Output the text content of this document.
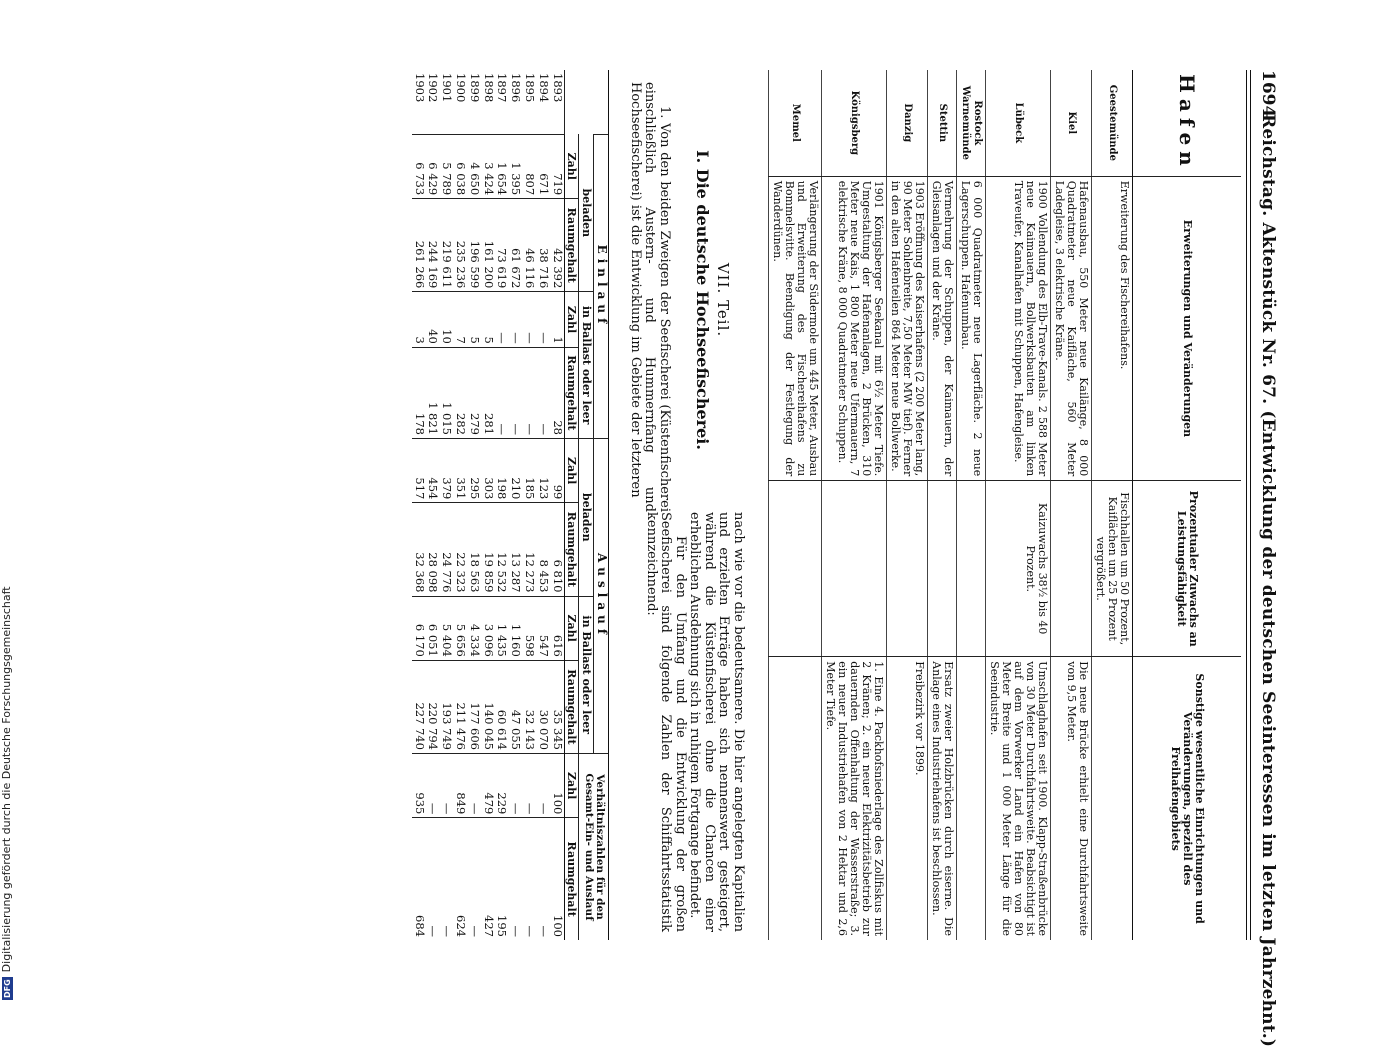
1694
Reichstag. Aktenstück Nr. 67. (Entwicklung der deutschen Seeinteressen im letzten Jahrzehnt.)
Hafen	Erweiterungen und Veränderungen	Prozentualer Zuwachs an Leistungsfähigkeit	Sonstige wesentliche Einrichtungen und Veränderungen, speziell des Freihafengebiets
Geestemünde	Erweiterung des Fischereihafens.	Fischhallen um 50 Prozent, Kaiflächen um 25 Prozent vergrößert.	
Kiel	Hafenausbau, 550 Meter neue Kailänge, 8 000 Quadratmeter neue Kaifläche, 560 Meter Ladegleise, 3 elektrische Kräne.		Die neue Brücke erhielt eine Durchfahrtsweite von 9,5 Meter.
Lübeck	1900 Vollendung des Elb-Trave-Kanals. 2 588 Meter neue Kaimauern, Bollwerksbauten am linken Traveufer, Kanalhafen mit Schuppen, Hafengleise.	Kaizuwachs 38½ bis 40 Prozent.	Umschlaghafen seit 1900. Klapp-Straßenbrücke von 30 Meter Durchfahrtsweite. Beabsichtigt ist auf dem Vorwerker Land ein Hafen von 80 Meter Breite und 1 000 Meter Länge für die Seeindustrie.
Rostock Warnemünde	6 000 Quadratmeter neue Lagerfläche. 2 neue Lagerschuppen. Hafenumbau.		
Stettin	Vermehrung der Schuppen, der Kaimauern, der Gleisanlagen und der Kräne.		Ersatz zweier Holzbrücken durch eiserne. Die Anlage eines Industriehafens ist beschlossen.
Danzig	1903 Eröffnung des Kaiserhafens (2 200 Meter lang, 90 Meter Sohlenbreite, 7,50 Meter MW tief). Ferner in den alten Hafenteilen 864 Meter neue Bollwerke.		Freibezirk vor 1899.
Königsberg	1901 Königsberger Seekanal mit 6½ Meter Tiefe. Umgestaltung der Hafenanlagen, 2 Brücken, 310 Meter neue Kais, 1 800 Meter neue Ufermauern, 7 elektrische Kräne, 8 000 Quadratmeter Schuppen.		1. Eine 4. Packhofsniederlage des Zollfiskus mit 2 Kränen; 2. ein neuer Elektrizitätsbetrieb zur dauernden Offenhaltung der Wasserstraße; 3. ein neuer Industriehafen von 2 Hektar und 2,6 Meter Tiefe.
Memel	Verlängerung der Südermole um 445 Meter, Ausbau und Erweiterung des Fischereihafens zu Bommelsvitte. Beendigung der Festlegung der Wanderdünen.		
VII. Teil.
I. Die deutsche Hochseefischerei.
1. Von den beiden Zweigen der Seefischerei (Küstenfischerei einschließlich Austern- und Hummernfang und Hochseefischerei) ist die Entwicklung im Gebiete der letzteren
nach wie vor die bedeutsamere. Die hier angelegten Kapitalien und erzielten Erträge haben sich nennenswert gesteigert, während die Küstenfischerei ohne die Chancen einer erheblichen Ausdehnung sich in ruhigem Fortgange befindet.
Für den Umfang und die Entwicklung der großen Seefischerei sind folgende Zahlen der Schiffahrtsstatistik kennzeichnend:
	Einlauf				Auslauf				Verhältniszahlen für den Gesamt-Ein- und Auslauf	
	beladen		in Ballast oder leer		beladen		in Ballast oder leer			
	Zahl	Raumgehalt	Zahl	Raumgehalt	Zahl	Raumgehalt	Zahl	Raumgehalt	Zahl	Raumgehalt
1893	719	42 392	1	28	99	6 810	616	35 345	100	100
1894	671	38 716	—	—	123	8 453	547	30 070	—	—
1895	807	46 116	—	—	185	12 273	598	32 143	—	—
1896	1 395	61 672	—	—	210	13 287	1 160	47 055	—	—
1897	1 654	73 619	—	—	198	12 532	1 435	60 614	229	195
1898	3 424	161 200	5	281	303	19 859	3 096	140 045	479	427
1899	4 650	196 599	5	279	295	18 563	4 334	177 606	—	—
1900	6 038	235 236	7	282	351	22 323	5 656	211 476	849	624
1901	5 789	219 611	10	1 015	379	24 776	5 404	193 749	—	—
1902	6 429	244 169	40	1 821	454	28 098	6 051	220 794	—	—
1903	6 733	261 266	3	178	517	32 368	6 170	227 740	935	684
DFGDigitalisierung gefördert durch die Deutsche Forschungsgemeinschaft
